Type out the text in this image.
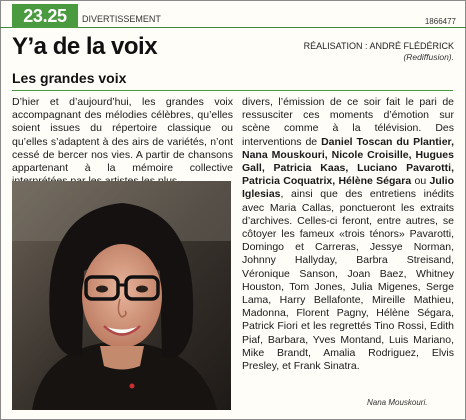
23.25	DIVERTISSEMENT	1866477
Y’a de la voix	RÉALISATION : ANDRÉ FLÉDÉRICK
(Rediffusion).
Les grandes voix

D’hier et d’aujourd’hui, les grandes voix accompagnant des mélodies célèbres, qu’elles soient issues du répertoire classique ou qu’elles s’adaptent à des airs de variétés, n’ont cessé de bercer nos vies. A partir de chansons appartenant à la mémoire collective

divers, l’émission de ce soir fait le pari de ressusciter ces moments d’émotion sur scène comme à la télévision. Des interventions de Daniel Toscan du Plantier, Nana Mouskouri, Nicole Croisille, Hugues Gall, Patricia Kaas, Luciano Pavarotti, Patricia Coquatrix, Hélène Ségara ou Julio Iglesias, ainsi que des entretiens inédits avec Maria Callas, ponctueront les extraits d’archives. Celles-ci feront, entre autres, se côtoyer les fameux «trois ténors» Pavarotti, Domingo et Carreras, Jessye Norman, Johnny Hallyday, Barbra Streisand, Véronique Sanson, Joan Baez, Whitney Houston, Tom Jones, Julia Migenes, Serge Lama, Harry Bellafonte, Mireille Mathieu, Madonna, Florent Pagny, Hélène Ségara, Patrick Fiori et les regrettés Tino Rossi, Edith Piaf, Barbara, Yves Montand, Luis Mariano, Mike Brandt, Amalia Rodriguez, Elvis Presley, et Frank Sinatra.

Nana Mouskouri.
